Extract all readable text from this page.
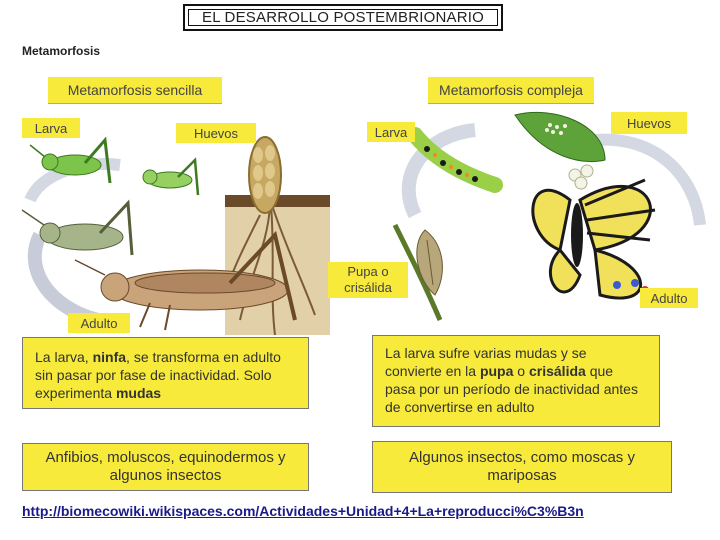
EL DESARROLLO POSTEMBRIONARIO
Metamorfosis
Metamorfosis sencilla	Metamorfosis compleja
Larva	Huevos
Adulto
Larva
Huevos
Pupa o crisálida
Adulto
La larva, ninfa, se transforma en adulto sin pasar por fase de inactividad. Solo experimenta mudas
La larva sufre varias mudas y se convierte en la pupa o crisálida que pasa por un período de inactividad antes de convertirse en adulto
Anfibios, moluscos, equinodermos y algunos insectos
Algunos insectos, como moscas y mariposas
http://biomecowiki.wikispaces.com/Actividades+Unidad+4+La+reproducci%C3%B3n
